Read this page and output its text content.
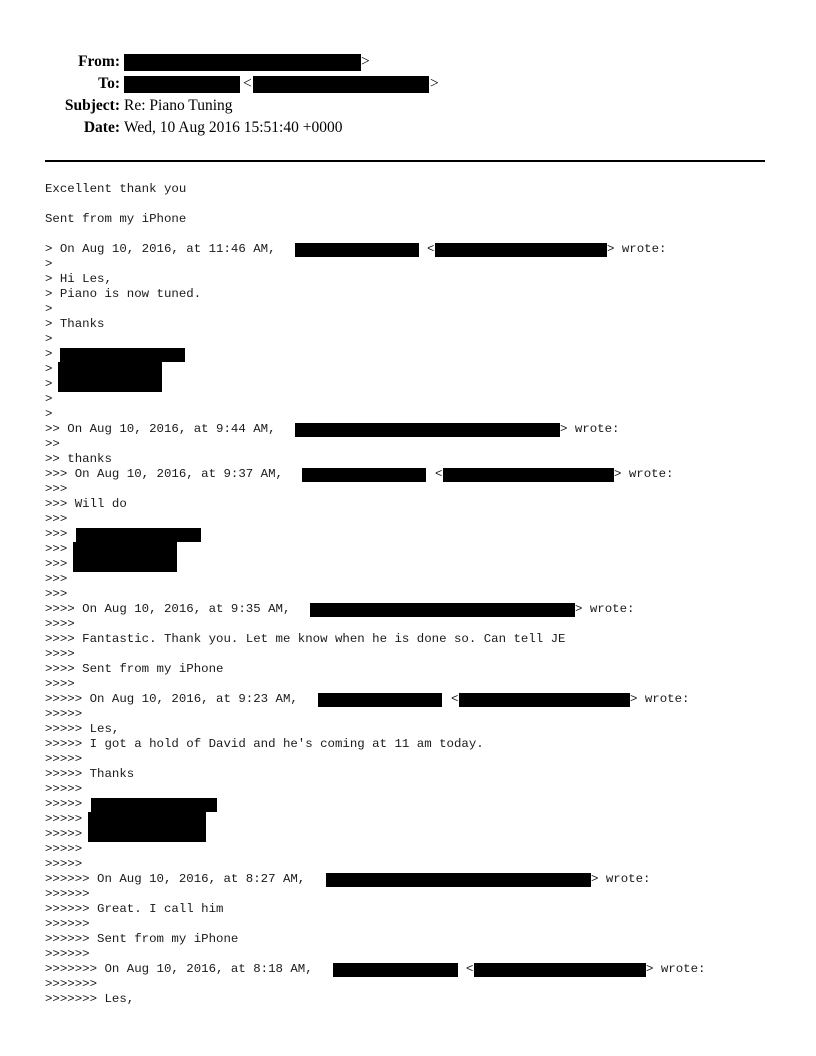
From:	>
To:	<	>
Subject: Re: Piano Tuning
Date: Wed, 10 Aug 2016 15:51:40 +0000
Excellent thank you
Sent from my iPhone
> On Aug 10, 2016, at 11:46 AM,	<	> wrote:
>
> Hi Les,
> Piano is now tuned.
>
> Thanks
>
>
>
>
>
>
>> On Aug 10, 2016, at 9:44 AM,	> wrote:
>>
>> thanks
>>> On Aug 10, 2016, at 9:37 AM,	<	> wrote:
>>>
>>> Will do
>>>
>>>
>>>
>>>
>>>
>>>
>>>> On Aug 10, 2016, at 9:35 AM,	> wrote:
>>>>
>>>> Fantastic. Thank you. Let me know when he is done so. Can tell JE
>>>>
>>>> Sent from my iPhone
>>>>
>>>>> On Aug 10, 2016, at 9:23 AM,	<	> wrote:
>>>>>
>>>>> Les,
>>>>> I got a hold of David and he's coming at 11 am today.
>>>>>
>>>>> Thanks
>>>>>
>>>>>
>>>>>
>>>>>
>>>>>
>>>>>
>>>>>> On Aug 10, 2016, at 8:27 AM,	> wrote:
>>>>>>
>>>>>> Great. I call him
>>>>>>
>>>>>> Sent from my iPhone
>>>>>>
>>>>>>> On Aug 10, 2016, at 8:18 AM,	<	> wrote:
>>>>>>>
>>>>>>> Les,
